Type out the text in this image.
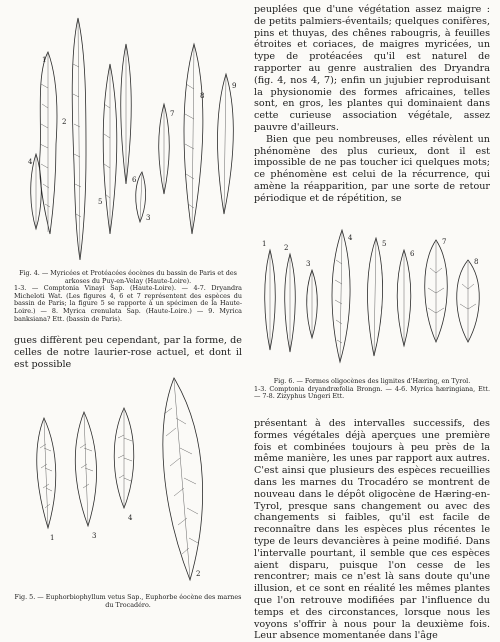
1
2
3
4
5
6
7
8
9
Fig. 4. — Myricées et Protéacées éocènes du bassin de Paris et des arkoses du Puy-en-Velay (Haute-Loire).
1-3. — Comptonia Vinayi Sap. (Haute-Loire). — 4-7. Dryandra Micheloti Wat. (Les figures 4, 6 et 7 représentent des espèces du bassin de Paris; la figure 5 se rapporte à un spécimen de la Haute-Loire.) — 8. Myrica crenulata Sap. (Haute-Loire.) — 9. Myrica banksiana? Ett. (bassin de Paris).

gues diffèrent peu cependant, par la forme, de celles de notre laurier-rose actuel, et dont il est possible

1
2
3
4
Fig. 5. — Euphorbiophyllum vetus Sap., Euphorbe éocène des marnes du Trocadéro.

peuplées que d'une végétation assez maigre : de petits palmiers-éventails; quelques conifères, pins et thuyas, des chênes rabougris, à feuilles étroites et coriaces, de maigres myricées, un type de protéacées qu'il est naturel de rapporter au genre australien des Dryandra (fig. 4, nos 4, 7); enfin un jujubier reproduisant la physionomie des formes africaines, telles sont, en gros, les plantes qui dominaient dans cette curieuse association végétale, assez pauvre d'ailleurs.

Bien que peu nombreuses, elles révèlent un phénomène des plus curieux, dont il est impossible de ne pas toucher ici quelques mots; ce phénomène est celui de la récurrence, qui amène la réapparition, par une sorte de retour périodique et de répétition, se

1	2
3
4
5
6
7
8
Fig. 6. — Formes oligocènes des lignites d'Hæring, en Tyrol.
1-3. Comptonia dryandræfolia Brongn. — 4-6. Myrica hæringiana, Ett. — 7-8. Zizyphus Ungeri Ett.

présentant à des intervalles successifs, des formes végétales déjà aperçues une première fois et combinées toujours à peu près de la même manière, les unes par rapport aux autres. C'est ainsi que plusieurs des espèces recueillies dans les marnes du Trocadéro se montrent de nouveau dans le dépôt oligocène de Hæring-en-Tyrol, presque sans changement ou avec des changements si faibles, qu'il est facile de reconnaître dans les espèces plus récentes le type de leurs devancières à peine modifié. Dans l'intervalle pourtant, il semble que ces espèces aient disparu, puisque l'on cesse de les rencontrer; mais ce n'est là sans doute qu'une illusion, et ce sont en réalité les mêmes plantes que l'on retrouve modifiées par l'influence du temps et des circonstances, lorsque nous les voyons s'offrir à nous pour la deuxième fois. Leur absence momentanée dans l'âge
